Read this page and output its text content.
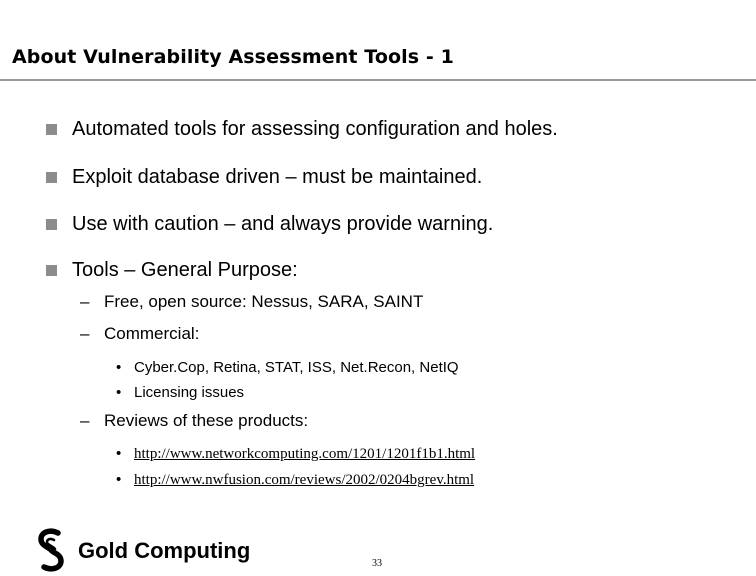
About Vulnerability Assessment Tools - 1
Automated tools for assessing configuration and holes.
Exploit database driven – must be maintained.
Use with caution – and always provide warning.
Tools – General Purpose:
– Free, open source: Nessus, SARA, SAINT
– Commercial:
• Cyber.Cop, Retina, STAT, ISS, Net.Recon, NetIQ
• Licensing issues
– Reviews of these products:
• http://www.networkcomputing.com/1201/1201f1b1.html
• http://www.nwfusion.com/reviews/2002/0204bgrev.html
Gold Computing
33
